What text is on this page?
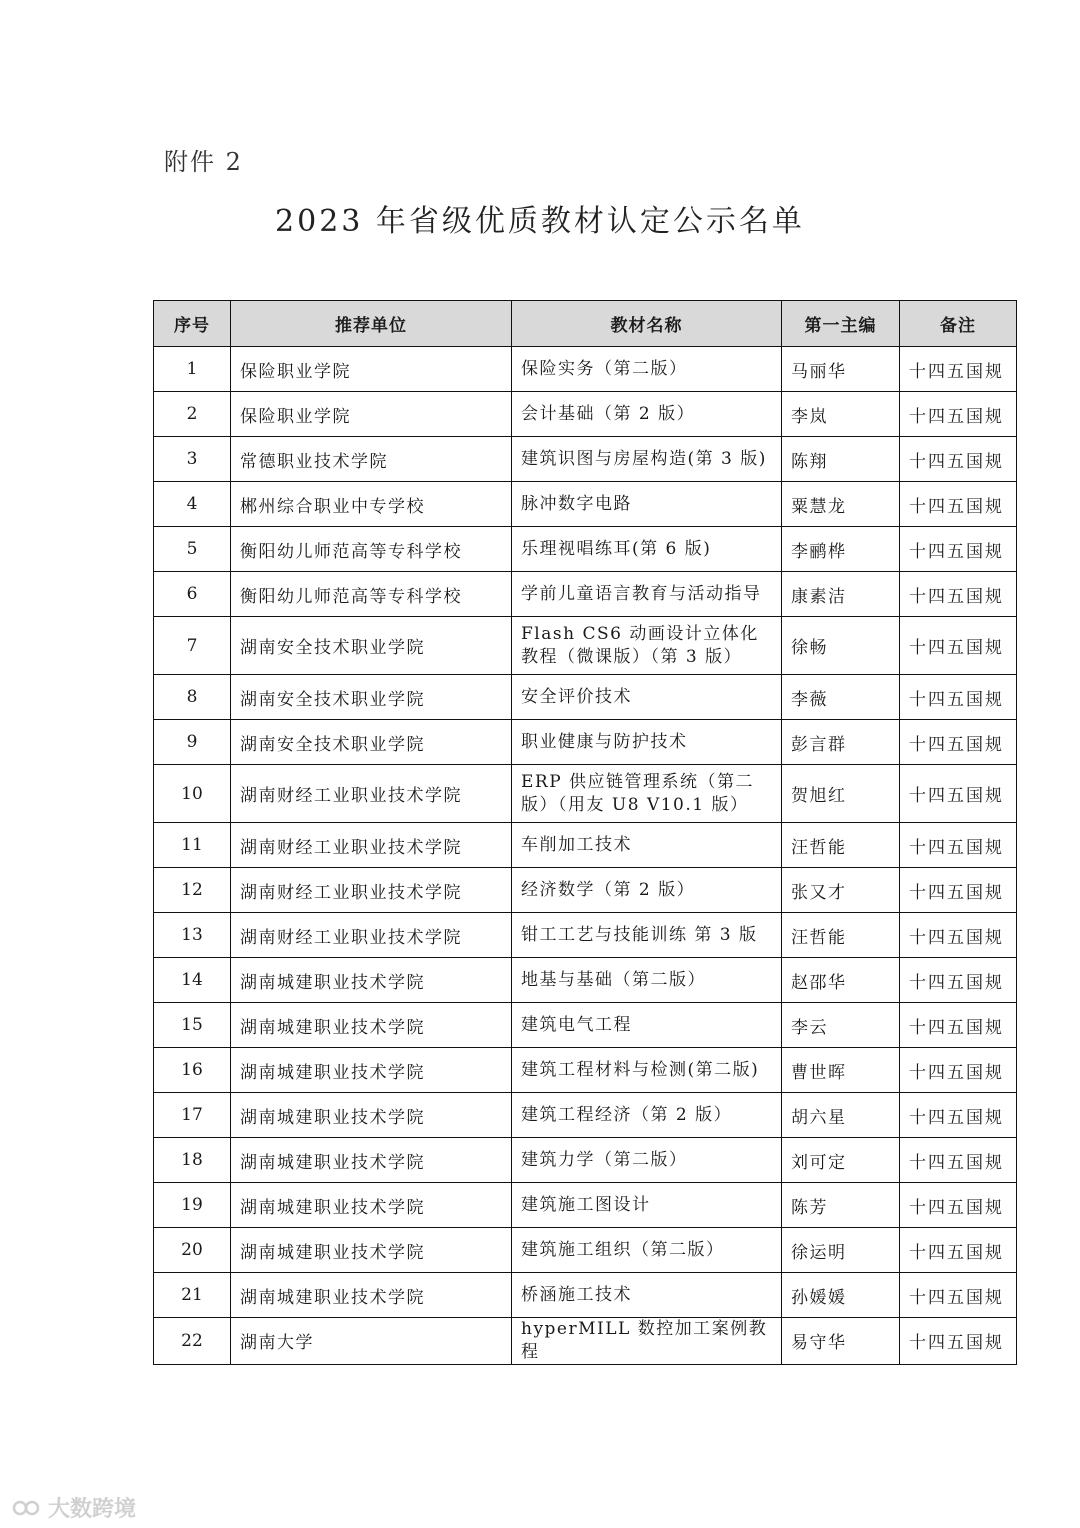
附件 2
2023 年省级优质教材认定公示名单
序号	推荐单位	教材名称	第一主编	备注
1	保险职业学院	保险实务（第二版）	马丽华	十四五国规
2	保险职业学院	会计基础（第 2 版）	李岚	十四五国规
3	常德职业技术学院	建筑识图与房屋构造(第 3 版)	陈翔	十四五国规
4	郴州综合职业中专学校	脉冲数字电路	粟慧龙	十四五国规
5	衡阳幼儿师范高等专科学校	乐理视唱练耳(第 6 版)	李鹂桦	十四五国规
6	衡阳幼儿师范高等专科学校	学前儿童语言教育与活动指导	康素洁	十四五国规
7	湖南安全技术职业学院	Flash CS6 动画设计立体化教程（微课版）（第 3 版）	徐畅	十四五国规
8	湖南安全技术职业学院	安全评价技术	李薇	十四五国规
9	湖南安全技术职业学院	职业健康与防护技术	彭言群	十四五国规
10	湖南财经工业职业技术学院	ERP 供应链管理系统（第二版）（用友 U8 V10.1 版）	贺旭红	十四五国规
11	湖南财经工业职业技术学院	车削加工技术	汪哲能	十四五国规
12	湖南财经工业职业技术学院	经济数学（第 2 版）	张又才	十四五国规
13	湖南财经工业职业技术学院	钳工工艺与技能训练 第 3 版	汪哲能	十四五国规
14	湖南城建职业技术学院	地基与基础（第二版）	赵邵华	十四五国规
15	湖南城建职业技术学院	建筑电气工程	李云	十四五国规
16	湖南城建职业技术学院	建筑工程材料与检测(第二版)	曹世晖	十四五国规
17	湖南城建职业技术学院	建筑工程经济（第 2 版）	胡六星	十四五国规
18	湖南城建职业技术学院	建筑力学（第二版）	刘可定	十四五国规
19	湖南城建职业技术学院	建筑施工图设计	陈芳	十四五国规
20	湖南城建职业技术学院	建筑施工组织（第二版）	徐运明	十四五国规
21	湖南城建职业技术学院	桥涵施工技术	孙媛媛	十四五国规
22	湖南大学	hyperMILL 数控加工案例教程	易守华	十四五国规
大数跨境
